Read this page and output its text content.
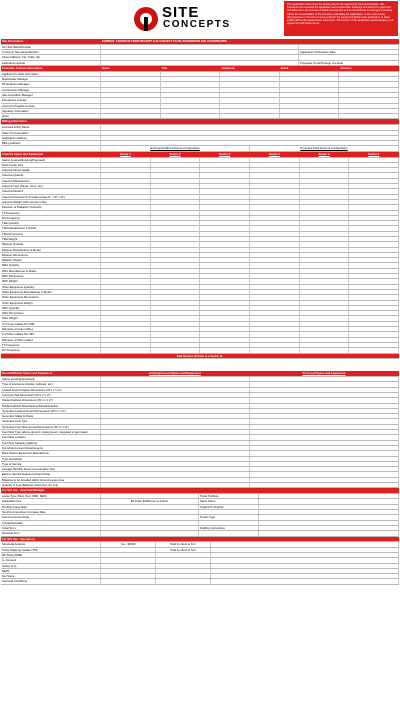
SITE
CONCEPTS
The application determines the leasing fee for all engineering structural analysis. Site Concepts has reviewed the application and construction drawings and found it in good and complete form. An increase of loading equipment and its dimensional as changes in loading will be the responsibility of the company submitting the application. In the event of any discrepancies in the form or items entered, the equipment listed in the application or lease exhibit will be the agreed upon equipment. Submission of this application acknowledges your agreement with these terms.
Site Information	EXPIRES: 6 MONTHS FROM RECEIPT & IS SUBJECT TO RE-SUBMISSION FEE AFTERWARDS
SCI Site Name/Number
Customer Site Name/Number	Application Submission Date
Street Address, City, State, Zip
Latitude/Longitude	Proposed On Air/Change Out Date
Customer Contact Information	Name	Title	Telephone	Email	Address
Applicant Contact Information
Real Estate Manager
RF Engineer Manager
Construction Manager
Site Acquisition Manager
Emergency Contact
Accounts Payable Contact
Signatory Information
Other
Billing Information
Licensed Entity Name
State of Incorporation
Notification Address
Billing Address
Existing/Installed Antenna Configuration	Proposed Final Antenna Configuration
Antenna Space and Equipment	Sector 1	Sector 2	Sector 3	Sector 1	Sector 2	Sector 3
Status (Leased/Existing/Proposed)
RAD Center AGL
Antenna Mount Height
Antenna Quantity
Antenna Manufacturer
Antenna Type (Panel, Omni, etc.)
Antenna Model #
Antenna Dimensions (Include inches H" x W" x D")
Antenna Weight (with mounts in lbs)
Direction of Radiation (Azimuth)
TX Frequency
RX Frequency
TMA Quantity
TMA Manufacturer & Model
TMA Dimensions
TMA Weight
Diplexer Quantity
Diplexer Manufacturer & Model
Diplexer Dimensions
Diplexer Weight
RRU Quantity
RRU Manufacturer & Model
RRU Dimensions
RRU Weight
Other Equipment Quantity
Other Equipment Manufacturer & Model
Other Equipment Dimensions
Other Equipment Weight
ODU Quantity
ODU Dimensions
ODU Weight
# of Coax Cables Per MM
Diameter of Coax Cables
# of Fiber Cables Per MM
Diameter of Fiber Cables
TX Frequency
RX Frequency
Add Sectors (if there is a Sector 4)
Ground/Shelter Space and Equipment	Existing/Leased Space and Equipment	Proposed Space and Equipment
Status (existing/proposed)
Type of Enclosure (shelter, cabinets, etc.)
Leased Ground Space Dimensions (W"x L"x H")
Concrete Pad Dimensions (W"x L"x H")
Shelter/Cabinet Dimensions (W"x L"x H")
Shelter/Cabinet Manufacturer/Model/Quantity
Generator Leased Ground Dimensions (W"x L"x H")
Generator Make & Model
Generator Fuel Type
Generator Fuel Tank Ground Dimensions (W"x L"x H")
Fuel Tank Type (above ground, underground, integrated or gen-base)
Fuel Tank Location
Fuel Tank Capacity (gallons)
Telco/Interconnect Requirements
Base Station Equipment Manufacturer
Type and Model
Type of Service
Average Monthly Power Consumption (kw)
Electric Service Required (Amps/Volts)
Batteries to be Installed within Ground Lease Area
Quantity & Type Batteries (lead acid, dry cell)
For SCI Use - Approval Manager
Lease Type (MLA, SLA, AMD, REN)	Tower Portfolio
Application Fee	$0 Initial, $1500 per re-submit	Same Name
Monthly Lease Rate	Organic/In-Organic
Monthly Amendment Increase Rate
Commencement Date	Tenant Type
Annual Escalator
Initial Term	Drafting Instructions
Renewal Term
For SCI Use - Operations
Structural Analysis	Yes - $3000	Paid by client to SCI
Tower Mapping Update (TM)	Paid by client to SCI
RF Study (EME)
LL Consent
Notice of LL
NEPA
Net Stone
Approval Conditions
